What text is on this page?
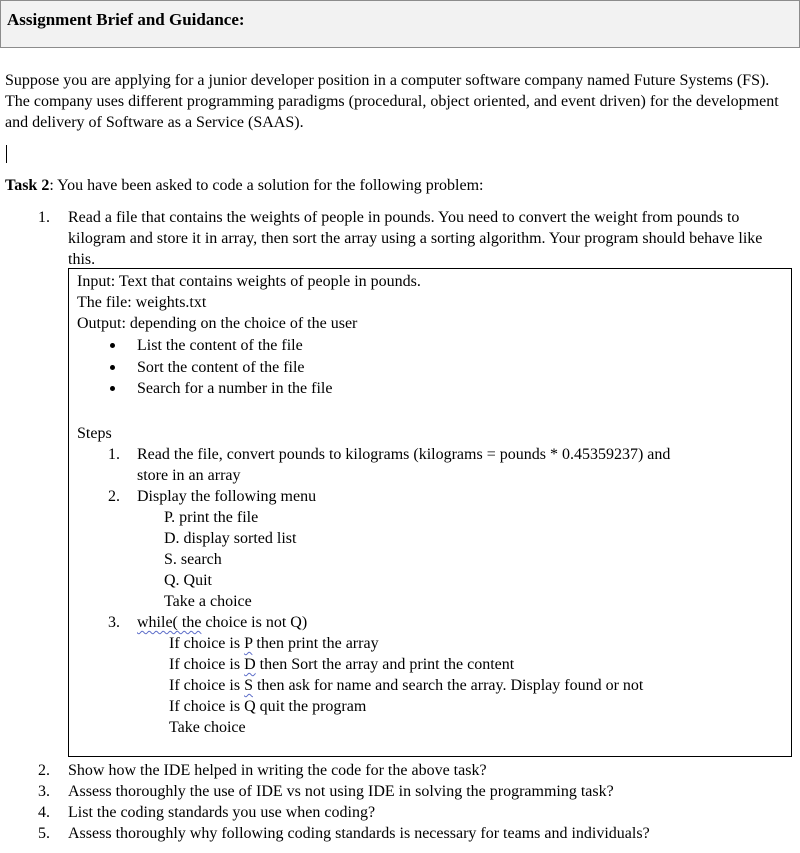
Assignment Brief and Guidance:
Suppose you are applying for a junior developer position in a computer software company named Future Systems (FS). The company uses different programming paradigms (procedural, object oriented, and event driven) for the development and delivery of Software as a Service (SAAS).
Task 2: You have been asked to code a solution for the following problem:
1.	Read a file that contains the weights of people in pounds. You need to convert the weight from pounds to kilogram and store it in array, then sort the array using a sorting algorithm. Your program should behave like this.
Input: Text that contains weights of people in pounds.
The file: weights.txt
Output: depending on the choice of the user
List the content of the file
Sort the content of the file
Search for a number in the file
Steps
1. Read the file, convert pounds to kilograms (kilograms = pounds * 0.45359237) and
store in an array
2. Display the following menu
P. print the file
D. display sorted list
S. search
Q. Quit
Take a choice
3. while( the choice is not Q)
If choice is P then print the array
If choice is D then Sort the array and print the content
If choice is S then ask for name and search the array. Display found or not
If choice is Q quit the program
Take choice
2.	Show how the IDE helped in writing the code for the above task?
3.	Assess thoroughly the use of IDE vs not using IDE in solving the programming task?
4.	List the coding standards you use when coding?
5.	Assess thoroughly why following coding standards is necessary for teams and individuals?
